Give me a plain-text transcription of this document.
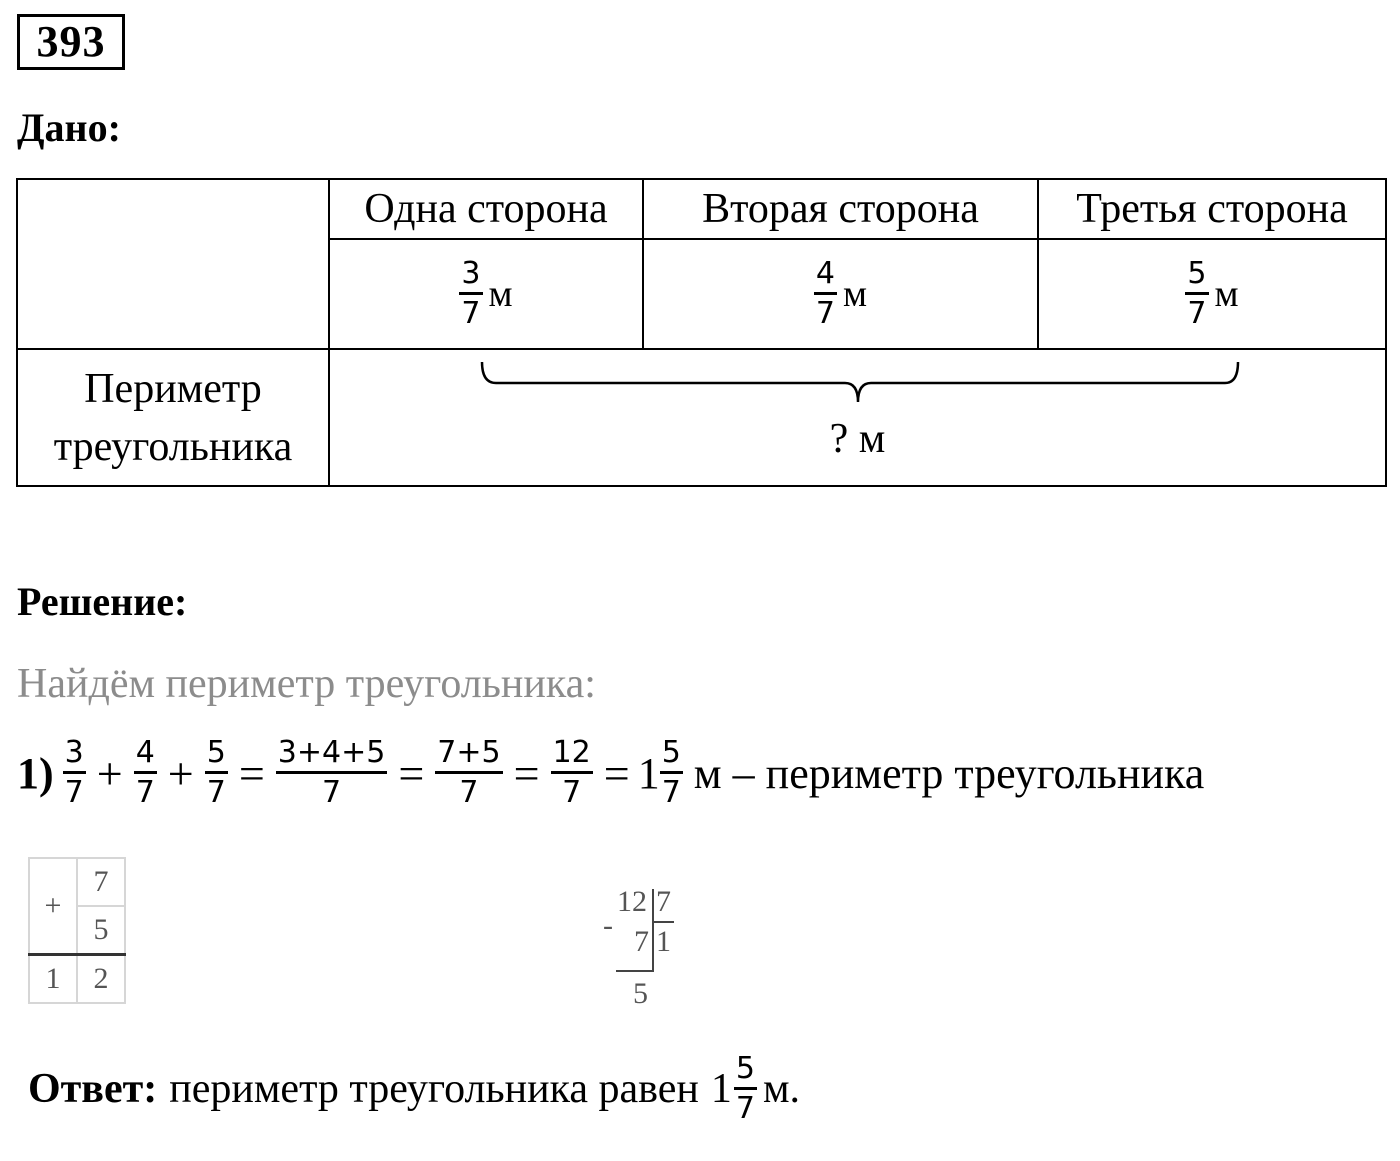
393
Дано:
	Одна сторона	Вторая сторона	Третья сторона

	$\frac{3}{7}$ м	$\frac{4}{7}$ м	$\frac{5}{7}$ м

Периметр
треугольника	? м		
Решение:
Найдём периметр треугольника:
$1) \frac{3}{7} + \frac{4}{7} + \frac{5}{7} = \frac{3+4+5}{7} = \frac{7+5}{7} = \frac{12}{7} = 1 \frac{5}{7}$ м – периметр треугольника
+	7
	5
1	2
12 7
- 7 1
5
Ответ: периметр треугольника равен $1 \frac{5}{7} м$.
